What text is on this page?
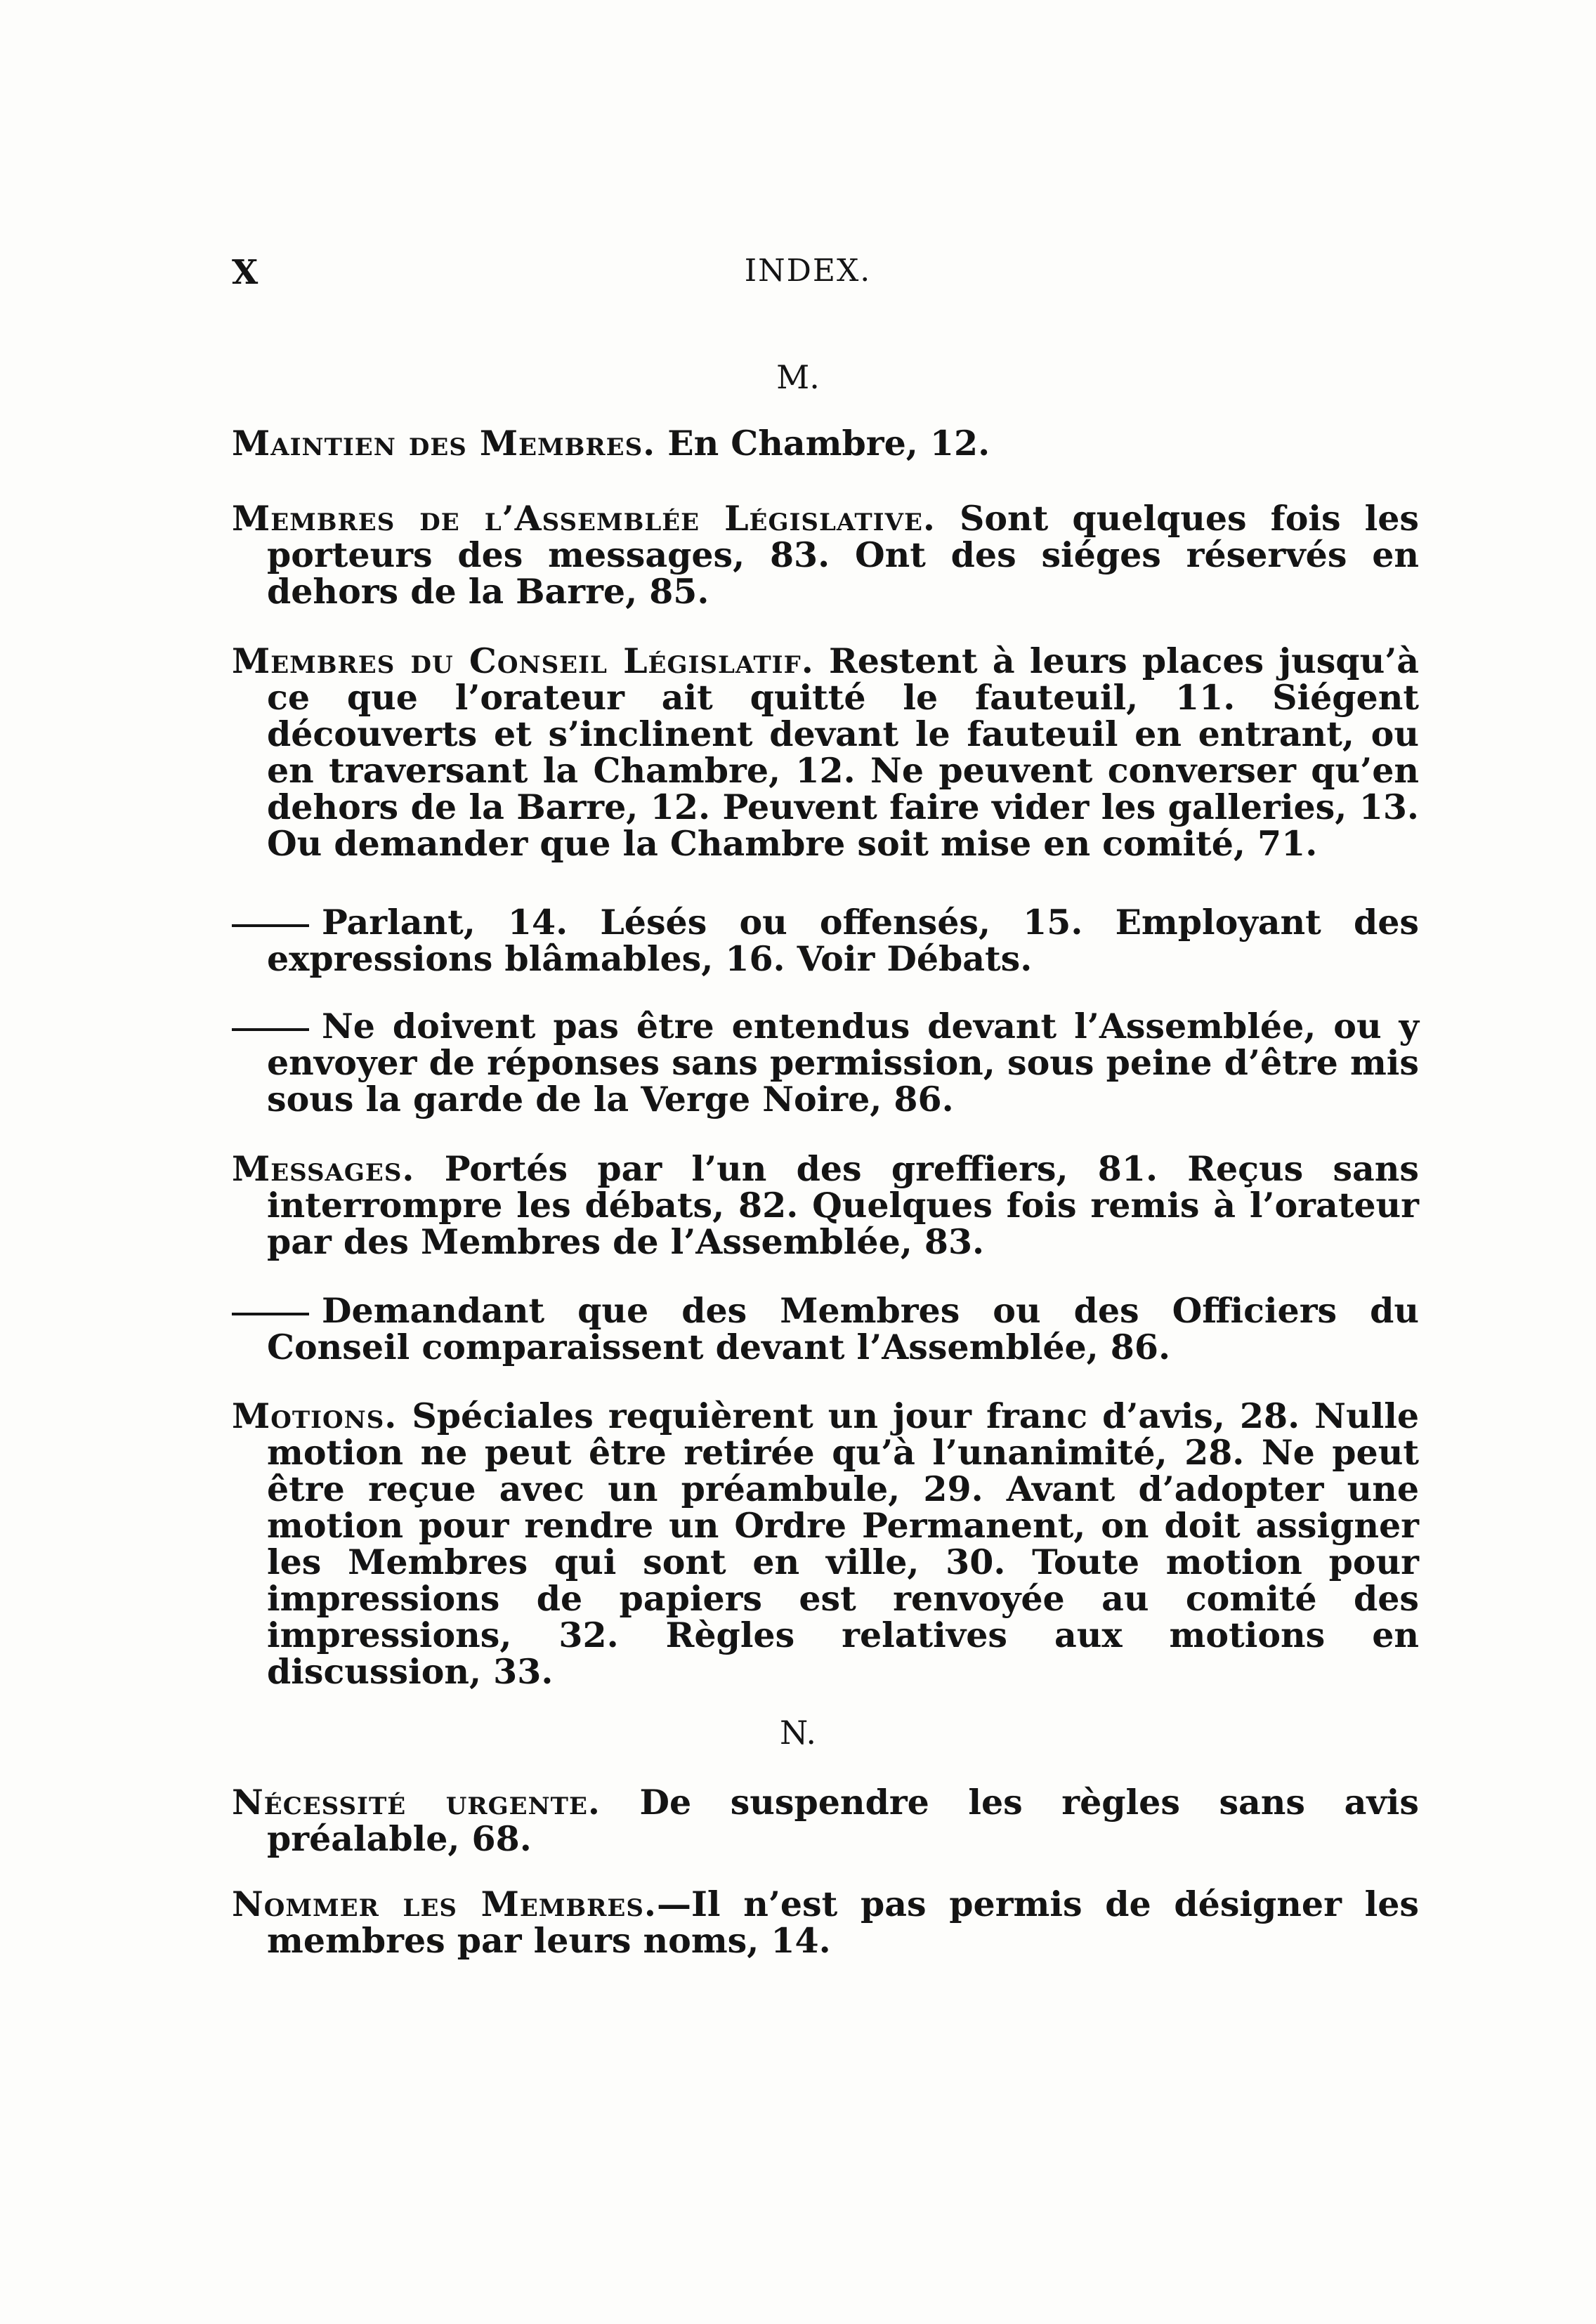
X	INDEX.
M.

Maintien des Membres. En Chambre, 12.

Membres de l’Assemblée Législative. Sont quelques fois les porteurs des messages, 83. Ont des siéges réservés en dehors de la Barre, 85.

Membres du Conseil Législatif. Restent à leurs places jusqu’à ce que l’orateur ait quitté le fauteuil, 11. Siégent découverts et s’inclinent devant le fauteuil en entrant, ou en traversant la Chambre, 12. Ne peuvent converser qu’en dehors de la Barre, 12. Peuvent faire vider les galleries, 13. Ou demander que la Chambre soit mise en comité, 71.

Parlant, 14. Lésés ou offensés, 15. Employant des expressions blâmables, 16. Voir Débats.

Ne doivent pas être entendus devant l’Assemblée, ou y envoyer de réponses sans permission, sous peine d’être mis sous la garde de la Verge Noire, 86.

Messages. Portés par l’un des greffiers, 81. Reçus sans interrompre les débats, 82. Quelques fois remis à l’orateur par des Membres de l’Assemblée, 83.

Demandant que des Membres ou des Officiers du Conseil comparaissent devant l’Assemblée, 86.

Motions. Spéciales requièrent un jour franc d’avis, 28. Nulle motion ne peut être retirée qu’à l’unanimité, 28. Ne peut être reçue avec un préambule, 29. Avant d’adopter une motion pour rendre un Ordre Permanent, on doit assigner les Membres qui sont en ville, 30. Toute motion pour impressions de papiers est renvoyée au comité des impressions, 32. Règles relatives aux motions en discussion, 33.

N.

Nécessité urgente. De suspendre les règles sans avis préalable, 68.

Nommer les Membres.—Il n’est pas permis de désigner les membres par leurs noms, 14.
